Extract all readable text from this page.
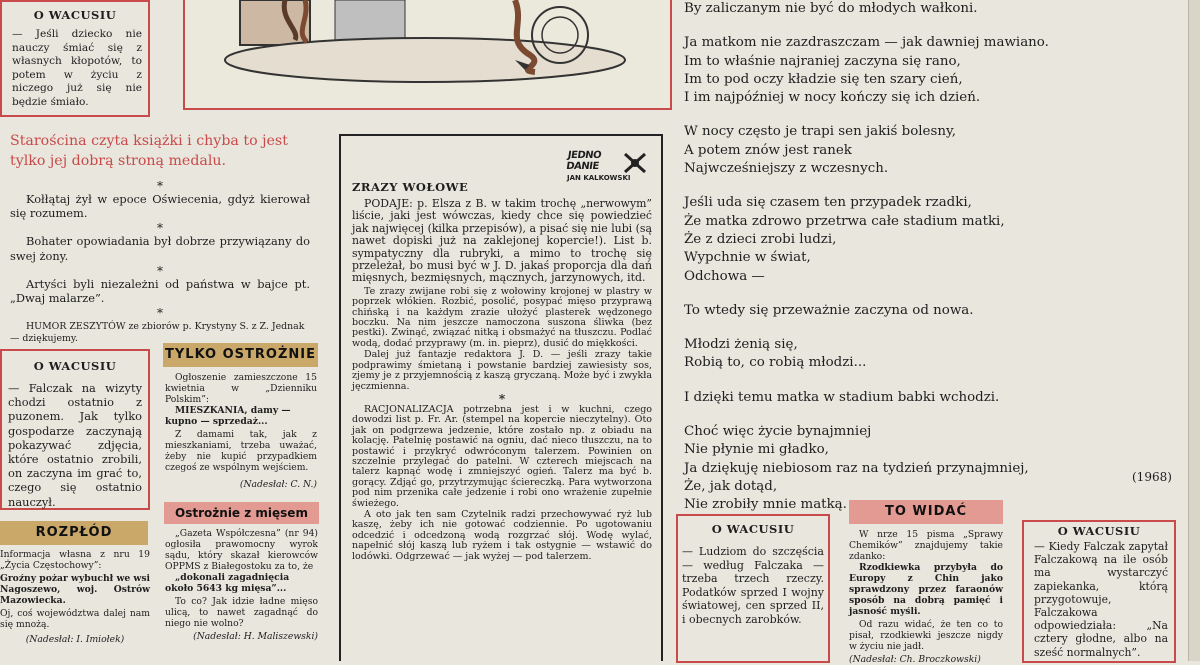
O WACUSIU
— Jeśli dziecko nie nauczy śmiać się z własnych kłopotów, to potem w życiu z niczego już się nie będzie śmiało.

Starościna czyta książki i chyba to jest tylko jej dobrą stroną medalu.

*

Kołłątaj żył w epoce Oświecenia, gdyż kierował się rozumem.

*

Bohater opowiadania był dobrze przywiązany do swej żony.

*

Artyści byli niezależni od państwa w bajce pt. „Dwaj malarze”.

*

HUMOR ZESZYTÓW ze zbiorów p. Krystyny S. z Z. Jednak — dziękujemy.

O WACUSIU
— Falczak na wizyty chodzi ostatnio z puzonem. Jak tylko gospodarze zaczynają pokazywać zdjęcia, które ostatnio zrobili, on zaczyna im grać to, czego się ostatnio nauczył.
TYLKO OSTROŻNIE

Ogłoszenie zamieszczone 15 kwietnia w „Dzienniku Polskim”:

MIESZKANIA, damy — kupno — sprzedaż...

Z damami tak, jak z mieszkaniami, trzeba uważać, żeby nie kupić przypadkiem czegoś ze wspólnym wejściem.

(Nadesłał: C. N.)

ROZPŁÓD

Informacja własna z nru 19 „Życia Częstochowy”:

Groźny pożar wybuchł we wsi Nagoszewo, woj. Ostrów Mazowiecka.

Oj, coś województwa dalej nam się mnożą.

(Nadesłał: I. Imiołek)

Ostrożnie z mięsem

„Gazeta Współczesna” (nr 94) ogłosiła prawomocny wyrok sądu, który skazał kierowców OPPMS z Białegostoku za to, że

„dokonali zagadnięcia około 5643 kg mięsa”...

To co? Jak idzie ładne mięso ulicą, to nawet zagadnąć do niego nie wolno?

(Nadesłał: H. Maliszewski)

JEDNO DANIE
JAN KALKOWSKI
ZRAZY WOŁOWE

PODAJE: p. Elsza z B. w takim trochę „nerwowym” liście, jaki jest wówczas, kiedy chce się powiedzieć jak najwięcej (kilka przepisów), a pisać się nie lubi (są nawet dopiski już na zaklejonej kopercie!). List b. sympatyczny dla rubryki, a mimo to trochę się przeleżał, bo musi być w J. D. jakaś proporcja dla dań mięsnych, bezmięsnych, mącznych, jarzynowych, itd.

Te zrazy zwijane robi się z wołowiny krojonej w plastry w poprzek włókien. Rozbić, posolić, posypać mięso przyprawą chińską i na każdym zrazie ułożyć plasterek wędzonego boczku. Na nim jeszcze namoczona suszona śliwka (bez pestki). Zwinąć, związać nitką i obsmażyć na tłuszczu. Podlać wodą, dodać przyprawy (m. in. pieprz), dusić do miękkości.

Dalej już fantazje redaktora J. D. — jeśli zrazy takie podprawimy śmietaną i powstanie bardziej zawiesisty sos, zjemy je z przyjemnością z kaszą gryczaną. Może być i zwykła jęczmienna.

*

RACJONALIZACJA potrzebna jest i w kuchni, czego dowodzi list p. Fr. Ar. (stempel na kopercie nieczytelny). Oto jak on podgrzewa jedzenie, które zostało np. z obiadu na kolację. Patelnię postawić na ogniu, dać nieco tłuszczu, na to postawić i przykryć odwróconym talerzem. Powinien on szczelnie przylegać do patelni. W czterech miejscach na talerz kapnąć wodę i zmniejszyć ogień. Talerz ma być b. gorący. Zdjąć go, przytrzymując ściereczką. Para wytworzona pod nim przenika całe jedzenie i robi ono wrażenie zupełnie świeżego.

A oto jak ten sam Czytelnik radzi przechowywać ryż lub kaszę, żeby ich nie gotować codziennie. Po ugotowaniu odcedzić i odcedzoną wodą rozgrzać słój. Wodę wylać, napełnić słój kaszą lub ryżem i tak ostygnie — wstawić do lodówki. Odgrzewać — jak wyżej — pod talerzem.

By zaliczanym nie być do młodych wałkoni.

Ja matkom nie zazdraszczam — jak dawniej mawiano.

Im to właśnie najraniej zaczyna się rano,

Im to pod oczy kładzie się ten szary cień,

I im najpóźniej w nocy kończy się ich dzień.

W nocy często je trapi sen jakiś bolesny,

A potem znów jest ranek

Najwcześniejszy z wczesnych.

Jeśli uda się czasem ten przypadek rzadki,

Że matka zdrowo przetrwa całe stadium matki,

Że z dzieci zrobi ludzi,

Wypchnie w świat,

Odchowa —

To wtedy się przeważnie zaczyna od nowa.

Młodzi żenią się,

Robią to, co robią młodzi...

I dzięki temu matka w stadium babki wchodzi.

Choć więc życie bynajmniej

Nie płynie mi gładko,

Ja dziękuję niebiosom raz na tydzień przynajmniej,

Że, jak dotąd,

Nie zrobiły mnie matką.

(1968)
O WACUSIU
— Ludziom do szczęścia — według Falczaka — trzeba trzech rzeczy. Podatków sprzed I wojny światowej, cen sprzed II, i obecnych zarobków.
TO WIDAĆ

W nrze 15 pisma „Sprawy Chemików” znajdujemy takie zdanko:

Rzodkiewka przybyła do Europy z Chin jako sprawdzony przez faraonów sposób na dobrą pamięć i jasność myśli.

Od razu widać, że ten co to pisał, rzodkiewki jeszcze nigdy w życiu nie jadł.

(Nadesłał: Ch. Broczkowski)

O WACUSIU
— Kiedy Falczak zapytał Falczakową na ile osób ma wystarczyć zapiekanka, którą przygotowuje, Falczakowa odpowiedziała: „Na cztery głodne, albo na sześć normalnych”.
